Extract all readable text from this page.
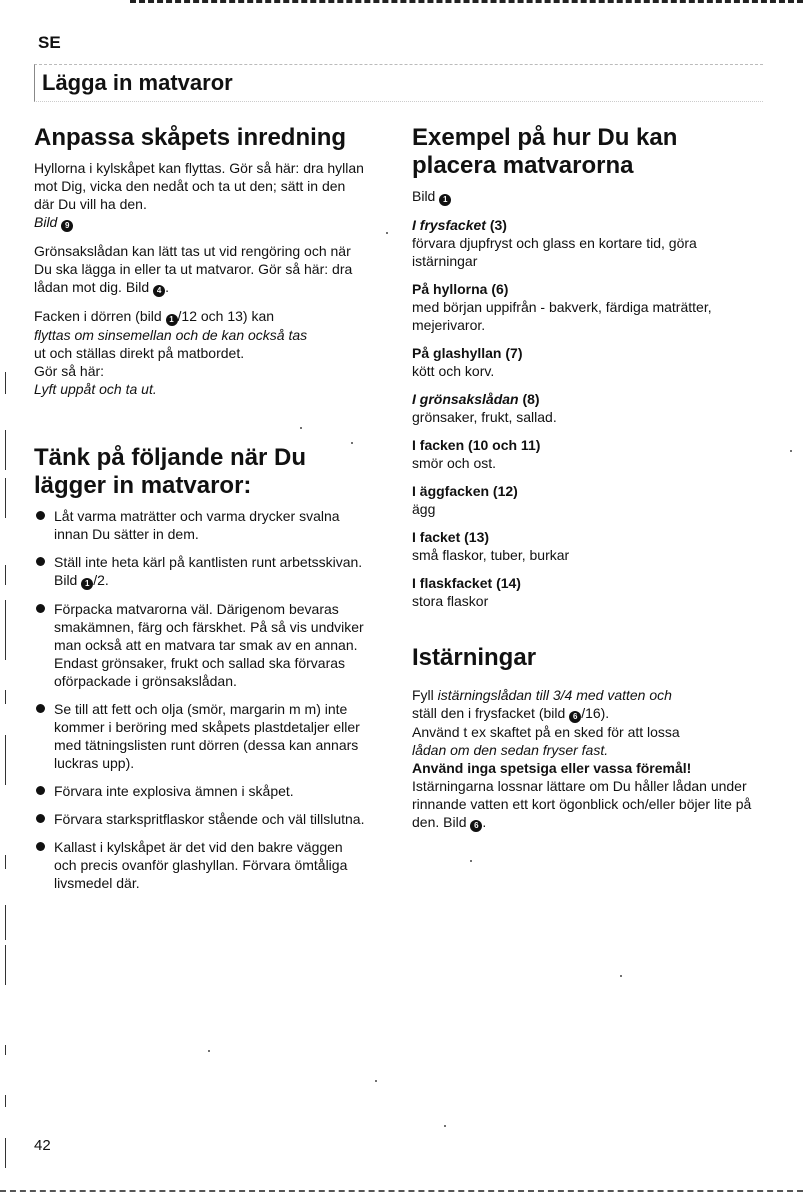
SE
Lägga in matvaror
Anpassa skåpets inredning

Hyllorna i kylskåpet kan flyttas. Gör så här: dra hyllan mot Dig, vicka den nedåt och ta ut den; sätt in den där Du vill ha den.
Bild 9

Grönsakslådan kan lätt tas ut vid rengöring och när Du ska lägga in eller ta ut matvaror. Gör så här: dra lådan mot dig. Bild 4 .

Facken i dörren (bild 1 /12 och 13) kan
flyttas om sinsemellan och de kan också tas
ut och ställas direkt på matbordet.
Gör så här:
Lyft uppåt och ta ut.

Tänk på följande när Du lägger in matvaror:
Låt varma maträtter och varma drycker svalna innan Du sätter in dem.
Ställ inte heta kärl på kantlisten runt arbetsskivan. Bild 1 /2.
Förpacka matvarorna väl. Därigenom bevaras smakämnen, färg och färskhet. På så vis undviker man också att en matvara tar smak av en annan. Endast grönsaker, frukt och sallad ska förvaras oförpackade i grönsakslådan.
Se till att fett och olja (smör, margarin m m) inte kommer i beröring med skåpets plastdetaljer eller med tätningslisten runt dörren (dessa kan annars luckras upp).
Förvara inte explosiva ämnen i skåpet.
Förvara starkspritflaskor stående och väl tillslutna.
Kallast i kylskåpet är det vid den bakre väggen och precis ovanför glashyllan. Förvara ömtåliga livsmedel där.
Exempel på hur Du kan placera matvarorna

Bild 1

I frysfacket (3)
förvara djupfryst och glass en kortare tid, göra istärningar
På hyllorna (6)
med början uppifrån - bakverk, färdiga maträtter, mejerivaror.
På glashyllan (7)
kött och korv.
I grönsakslådan (8)
grönsaker, frukt, sallad.
I facken (10 och 11)
smör och ost.
I äggfacken (12)
ägg
I facket (13)
små flaskor, tuber, burkar
I flaskfacket (14)
stora flaskor
Istärningar

Fyll istärningslådan till 3/4 med vatten och
ställ den i frysfacket (bild 6 /16).
Använd t ex skaftet på en sked för att lossa
lådan om den sedan fryser fast.
Använd inga spetsiga eller vassa föremål!
Istärningarna lossnar lättare om Du håller lådan under rinnande vatten ett kort ögonblick och/eller böjer lite på den. Bild 6 .

42
